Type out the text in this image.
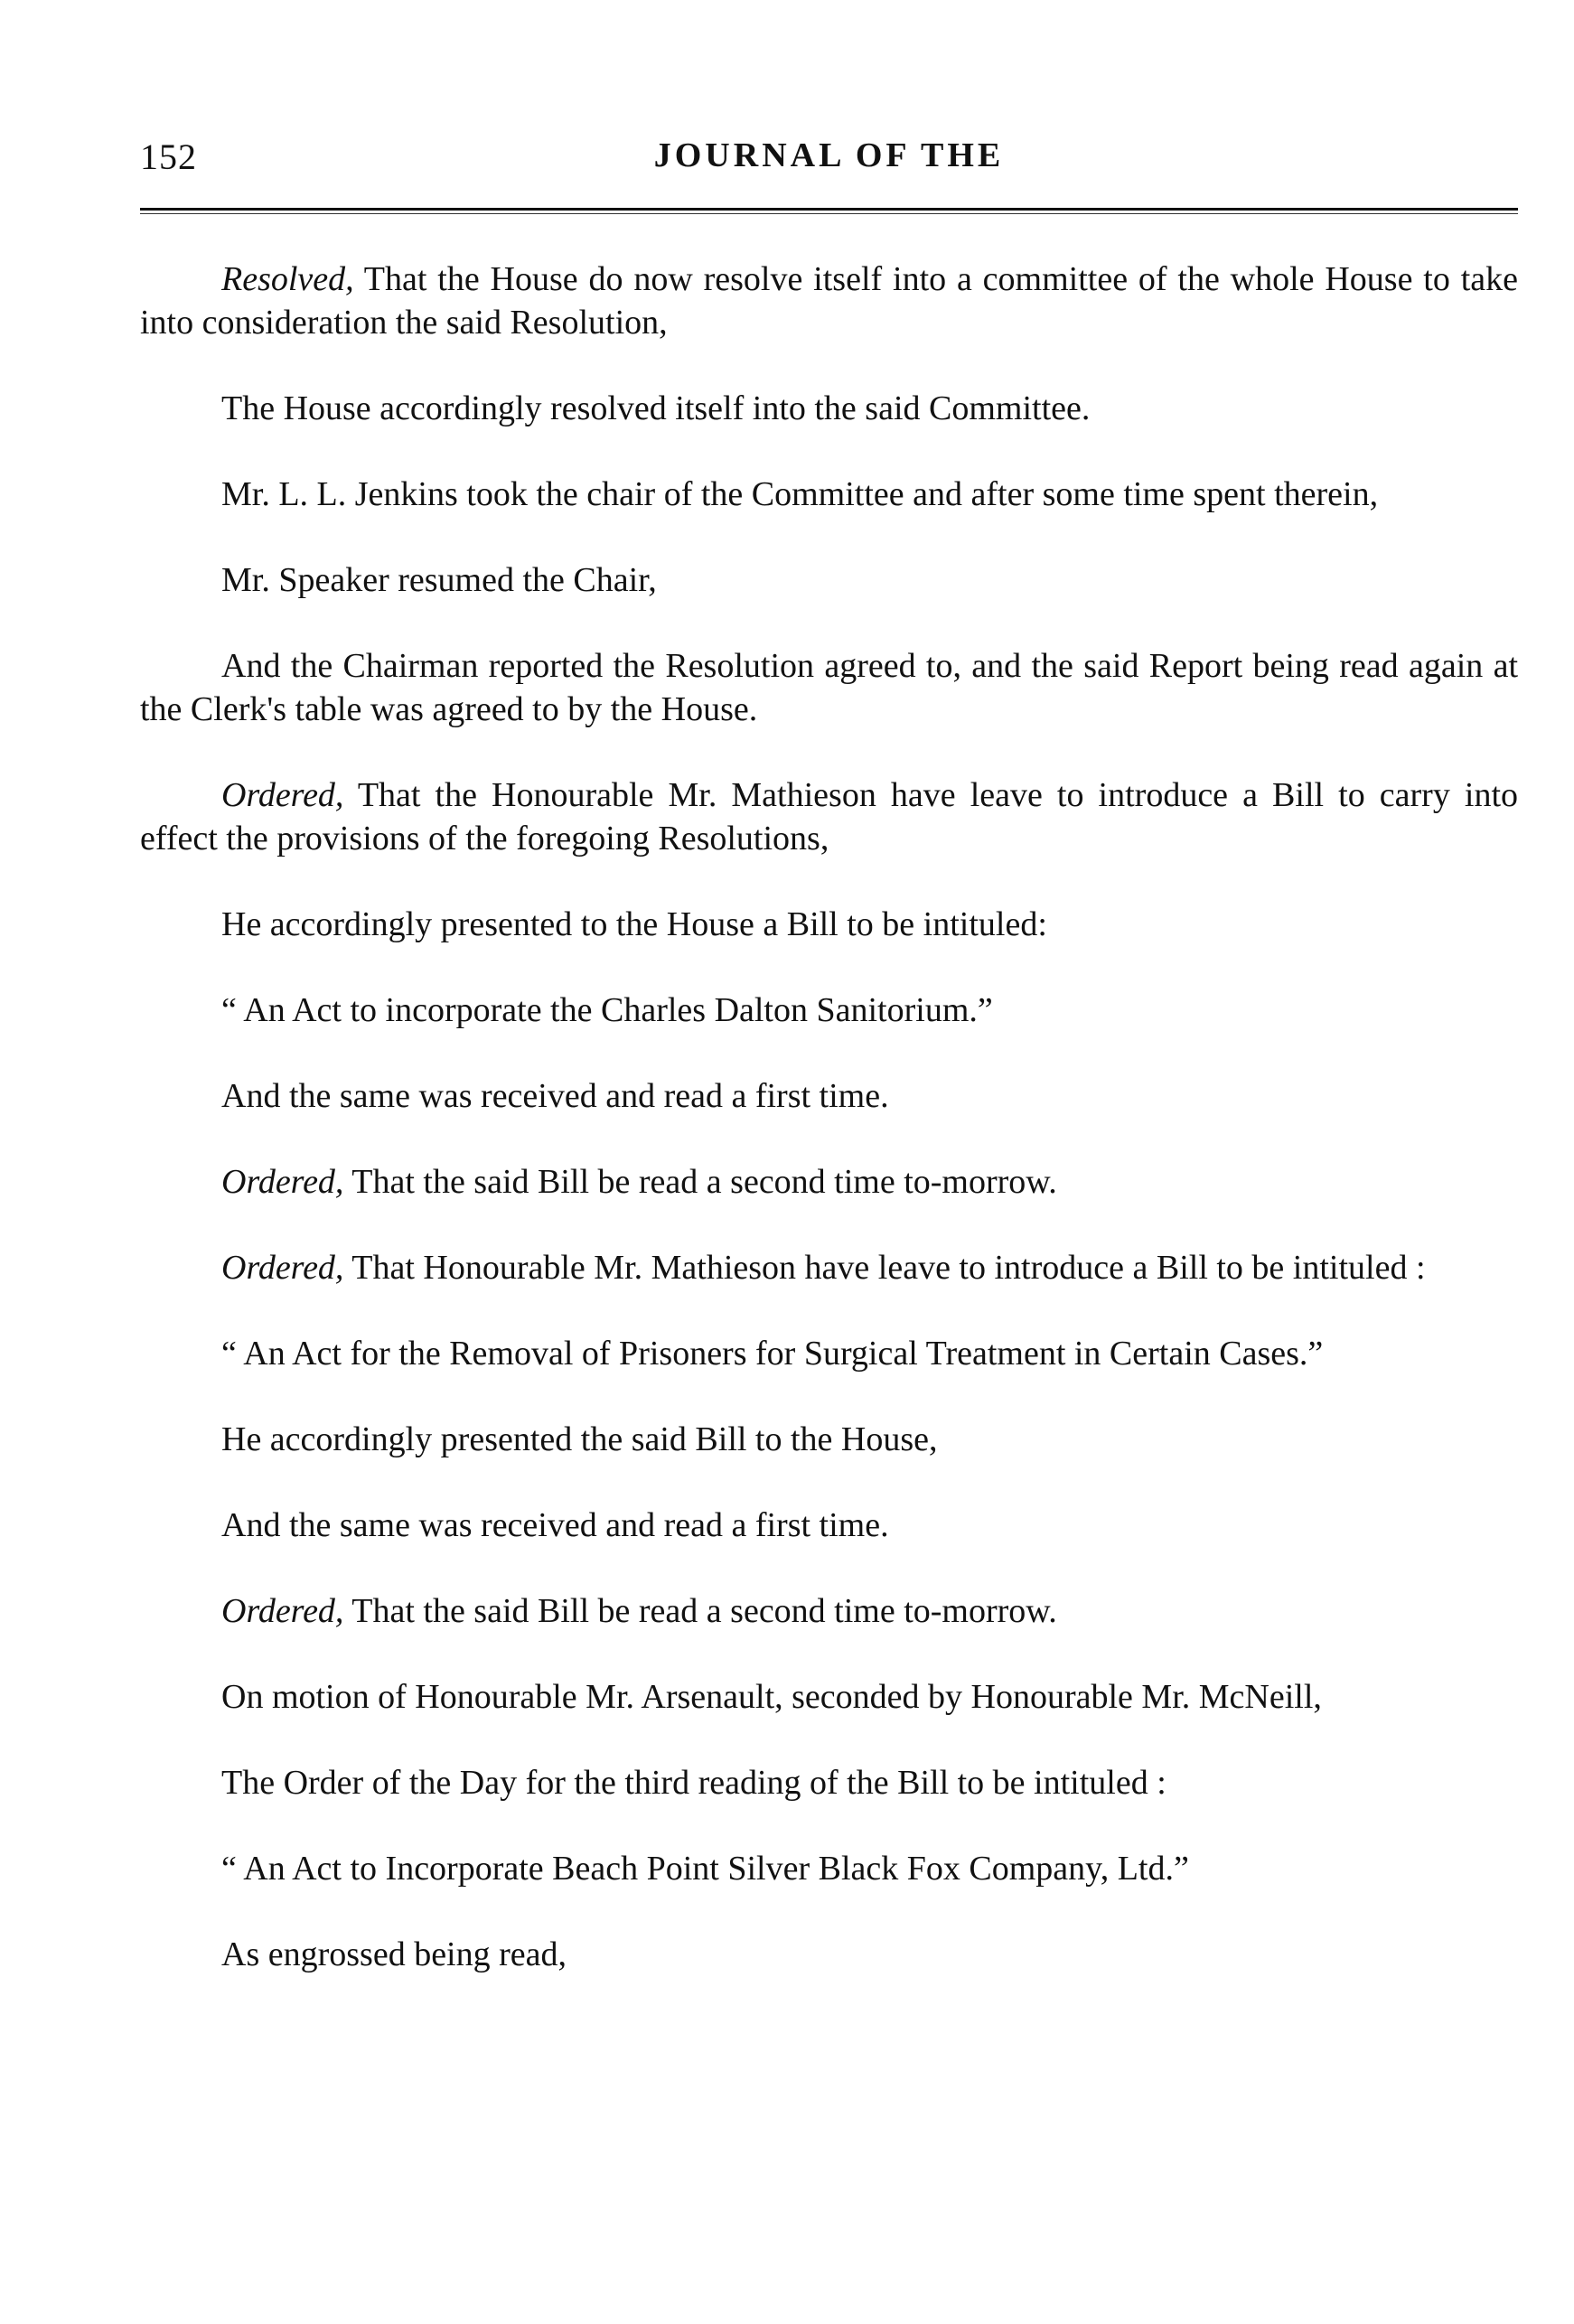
152	JOURNAL OF THE

Resolved, That the House do now resolve itself into a committee of the whole House to take into consideration the said Resolution,

The House accordingly resolved itself into the said Committee.

Mr. L. L. Jenkins took the chair of the Committee and after some time spent therein,

Mr. Speaker resumed the Chair,

And the Chairman reported the Resolution agreed to, and the said Report being read again at the Clerk's table was agreed to by the House.

Ordered, That the Honourable Mr. Mathieson have leave to introduce a Bill to carry into effect the provisions of the foregoing Resolutions,

He accordingly presented to the House a Bill to be intituled:

“ An Act to incorporate the Charles Dalton Sanitorium.”

And the same was received and read a first time.

Ordered, That the said Bill be read a second time to-morrow.

Ordered, That Honourable Mr. Mathieson have leave to introduce a Bill to be intituled :

“ An Act for the Removal of Prisoners for Surgical Treatment in Certain Cases.”

He accordingly presented the said Bill to the House,

And the same was received and read a first time.

Ordered, That the said Bill be read a second time to-morrow.

On motion of Honourable Mr. Arsenault, seconded by Honourable Mr. McNeill,

The Order of the Day for the third reading of the Bill to be intituled :

“ An Act to Incorporate Beach Point Silver Black Fox Company, Ltd.”

As engrossed being read,
